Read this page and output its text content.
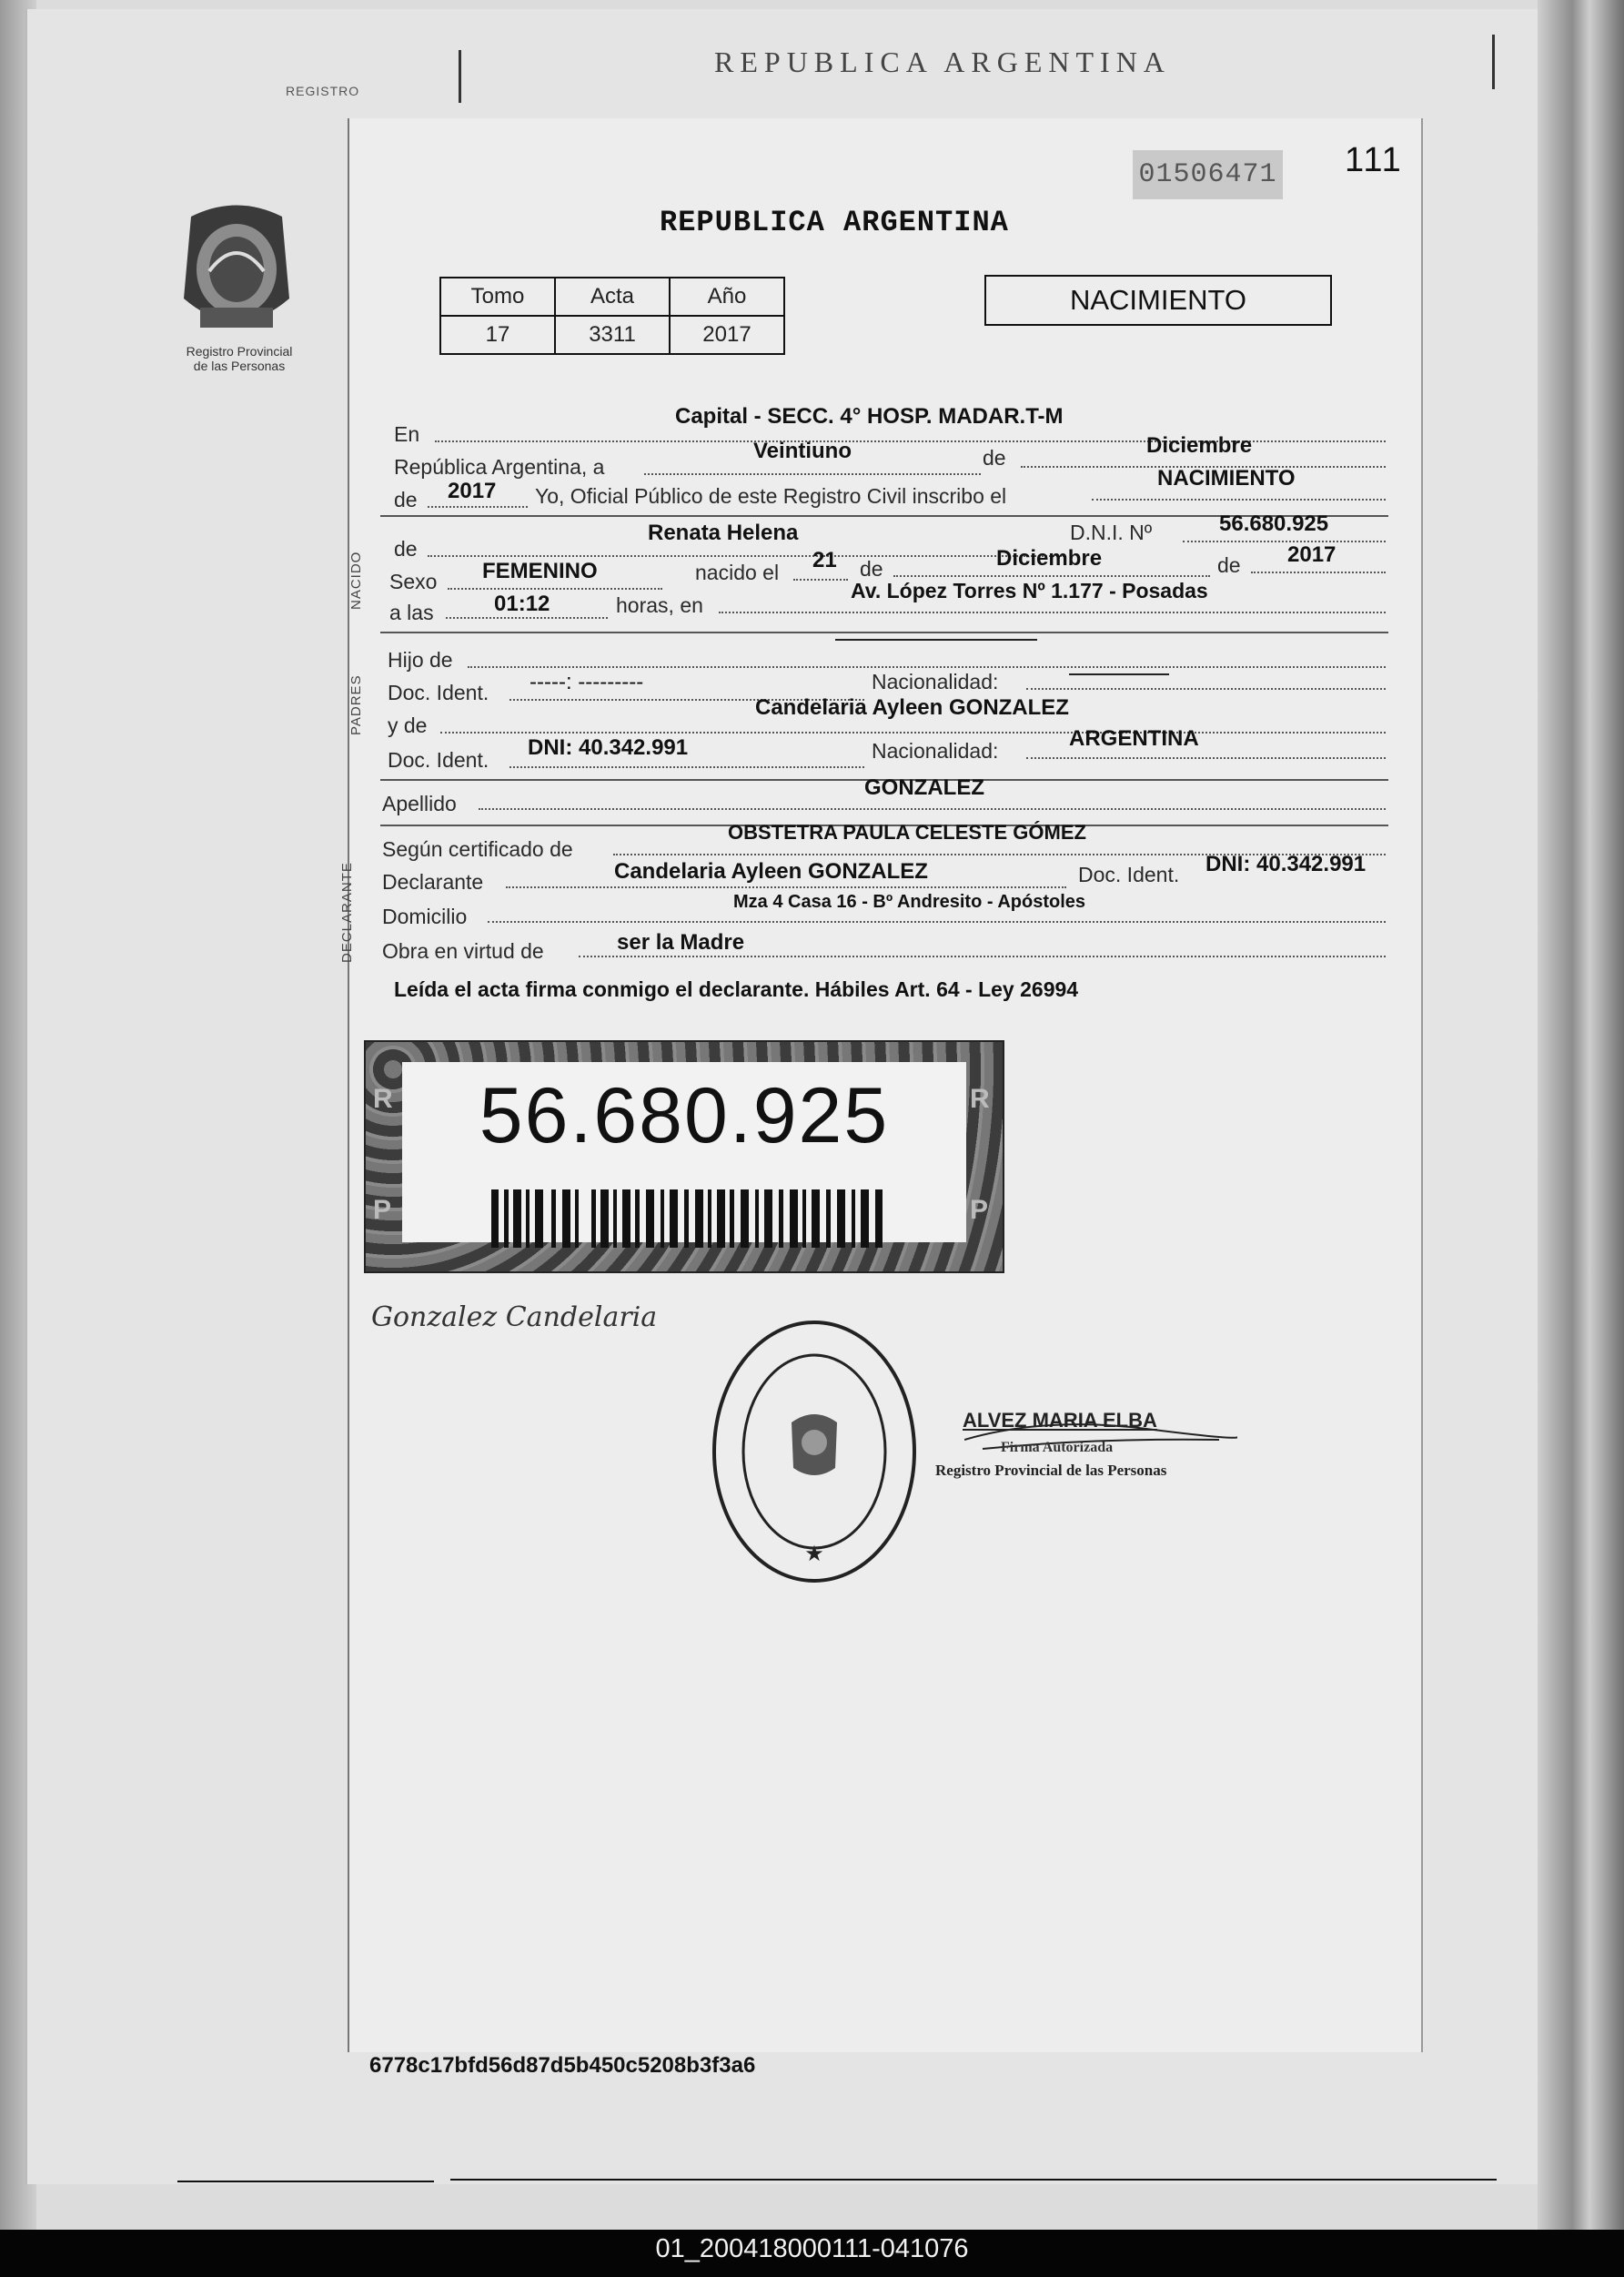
REPUBLICA ARGENTINA
REGISTRO
01506471 111
REPUBLICA ARGENTINA
Registro Provincial
de las Personas
Tomo	Acta	Año
17	3311	2017
NACIMIENTO
En
Capital - SECC. 4° HOSP. MADAR.T-M
República Argentina, a
Veintiuno	de	Diciembre
de 2017 Yo, Oficial Público de este Registro Civil inscribo el
NACIMIENTO
NACIDO
de
Renata Helena	D.N.I. Nº	56.680.925
Sexo FEMENINO	nacido el 21 de	Diciembre	de 2017
a las	01:12	horas, en
Av. López Torres Nº 1.177 - Posadas
PADRES
Hijo de
Doc. Ident. -----: ---------	Nacionalidad:
y de
Candelaria Ayleen GONZALEZ
Doc. Ident. DNI: 40.342.991	Nacionalidad:	ARGENTINA
Apellido
GONZALEZ
DECLARANTE
Según certificado de
OBSTETRA PAULA CELESTE GÓMEZ
Declarante	Candelaria Ayleen GONZALEZ	Doc. Ident. DNI: 40.342.991
Domicilio
Mza 4 Casa 16 - Bº Andresito - Apóstoles
Obra en virtud de	ser la Madre
Leída el acta firma conmigo el declarante. Hábiles Art. 64 - Ley 26994
R	R
P	P
56.680.925
Gonzalez Candelaria
★
ALVEZ MARIA ELBA
Firma Autorizada
Registro Provincial de las Personas
6778c17bfd56d87d5b450c5208b3f3a6
01_200418000111-041076
